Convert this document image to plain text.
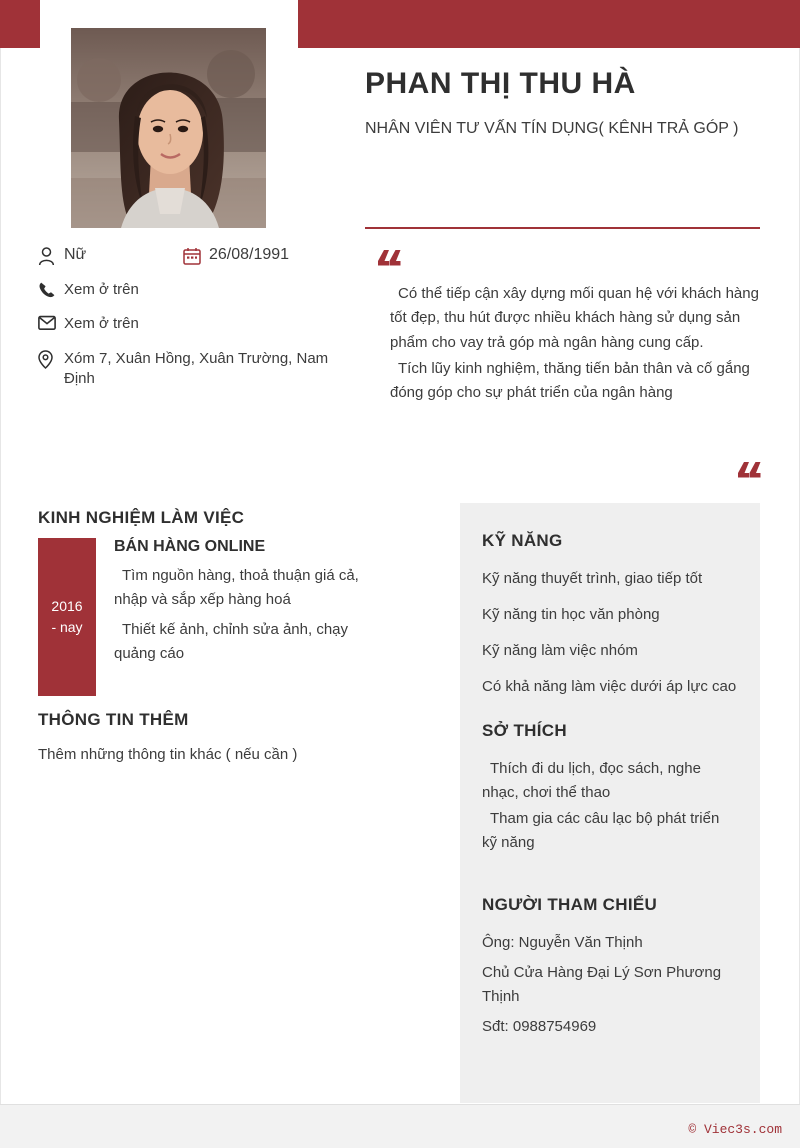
Nữ	26/08/1991
Xem ở trên
Xem ở trên
Xóm 7, Xuân Hồng, Xuân Trường, Nam Định
PHAN THỊ THU HÀ
NHÂN VIÊN TƯ VẤN TÍN DỤNG( KÊNH TRẢ GÓP )

Có thể tiếp cận xây dựng mối quan hệ với khách hàng tốt đẹp, thu hút được nhiều khách hàng sử dụng sản phẩm cho vay trả góp mà ngân hàng cung cấp.

Tích lũy kinh nghiệm, thăng tiến bản thân và cố gắng đóng góp cho sự phát triển của ngân hàng

KINH NGHIỆM LÀM VIỆC
2016
- nay
BÁN HÀNG ONLINE
Tìm nguồn hàng, thoả thuận giá cả, nhập và sắp xếp hàng hoá
Thiết kế ảnh, chỉnh sửa ảnh, chạy quảng cáo
THÔNG TIN THÊM
Thêm những thông tin khác ( nếu cần )
KỸ NĂNG
Kỹ năng thuyết trình, giao tiếp tốt
Kỹ năng tin học văn phòng
Kỹ năng làm việc nhóm
Có khả năng làm việc dưới áp lực cao
SỞ THÍCH
Thích đi du lịch, đọc sách, nghe nhạc, chơi thể thao
Tham gia các câu lạc bộ phát triển kỹ năng
NGƯỜI THAM CHIẾU
Ông: Nguyễn Văn Thịnh
Chủ Cửa Hàng Đại Lý Sơn Phương Thịnh
Sđt: 0988754969
© Viec3s.com
